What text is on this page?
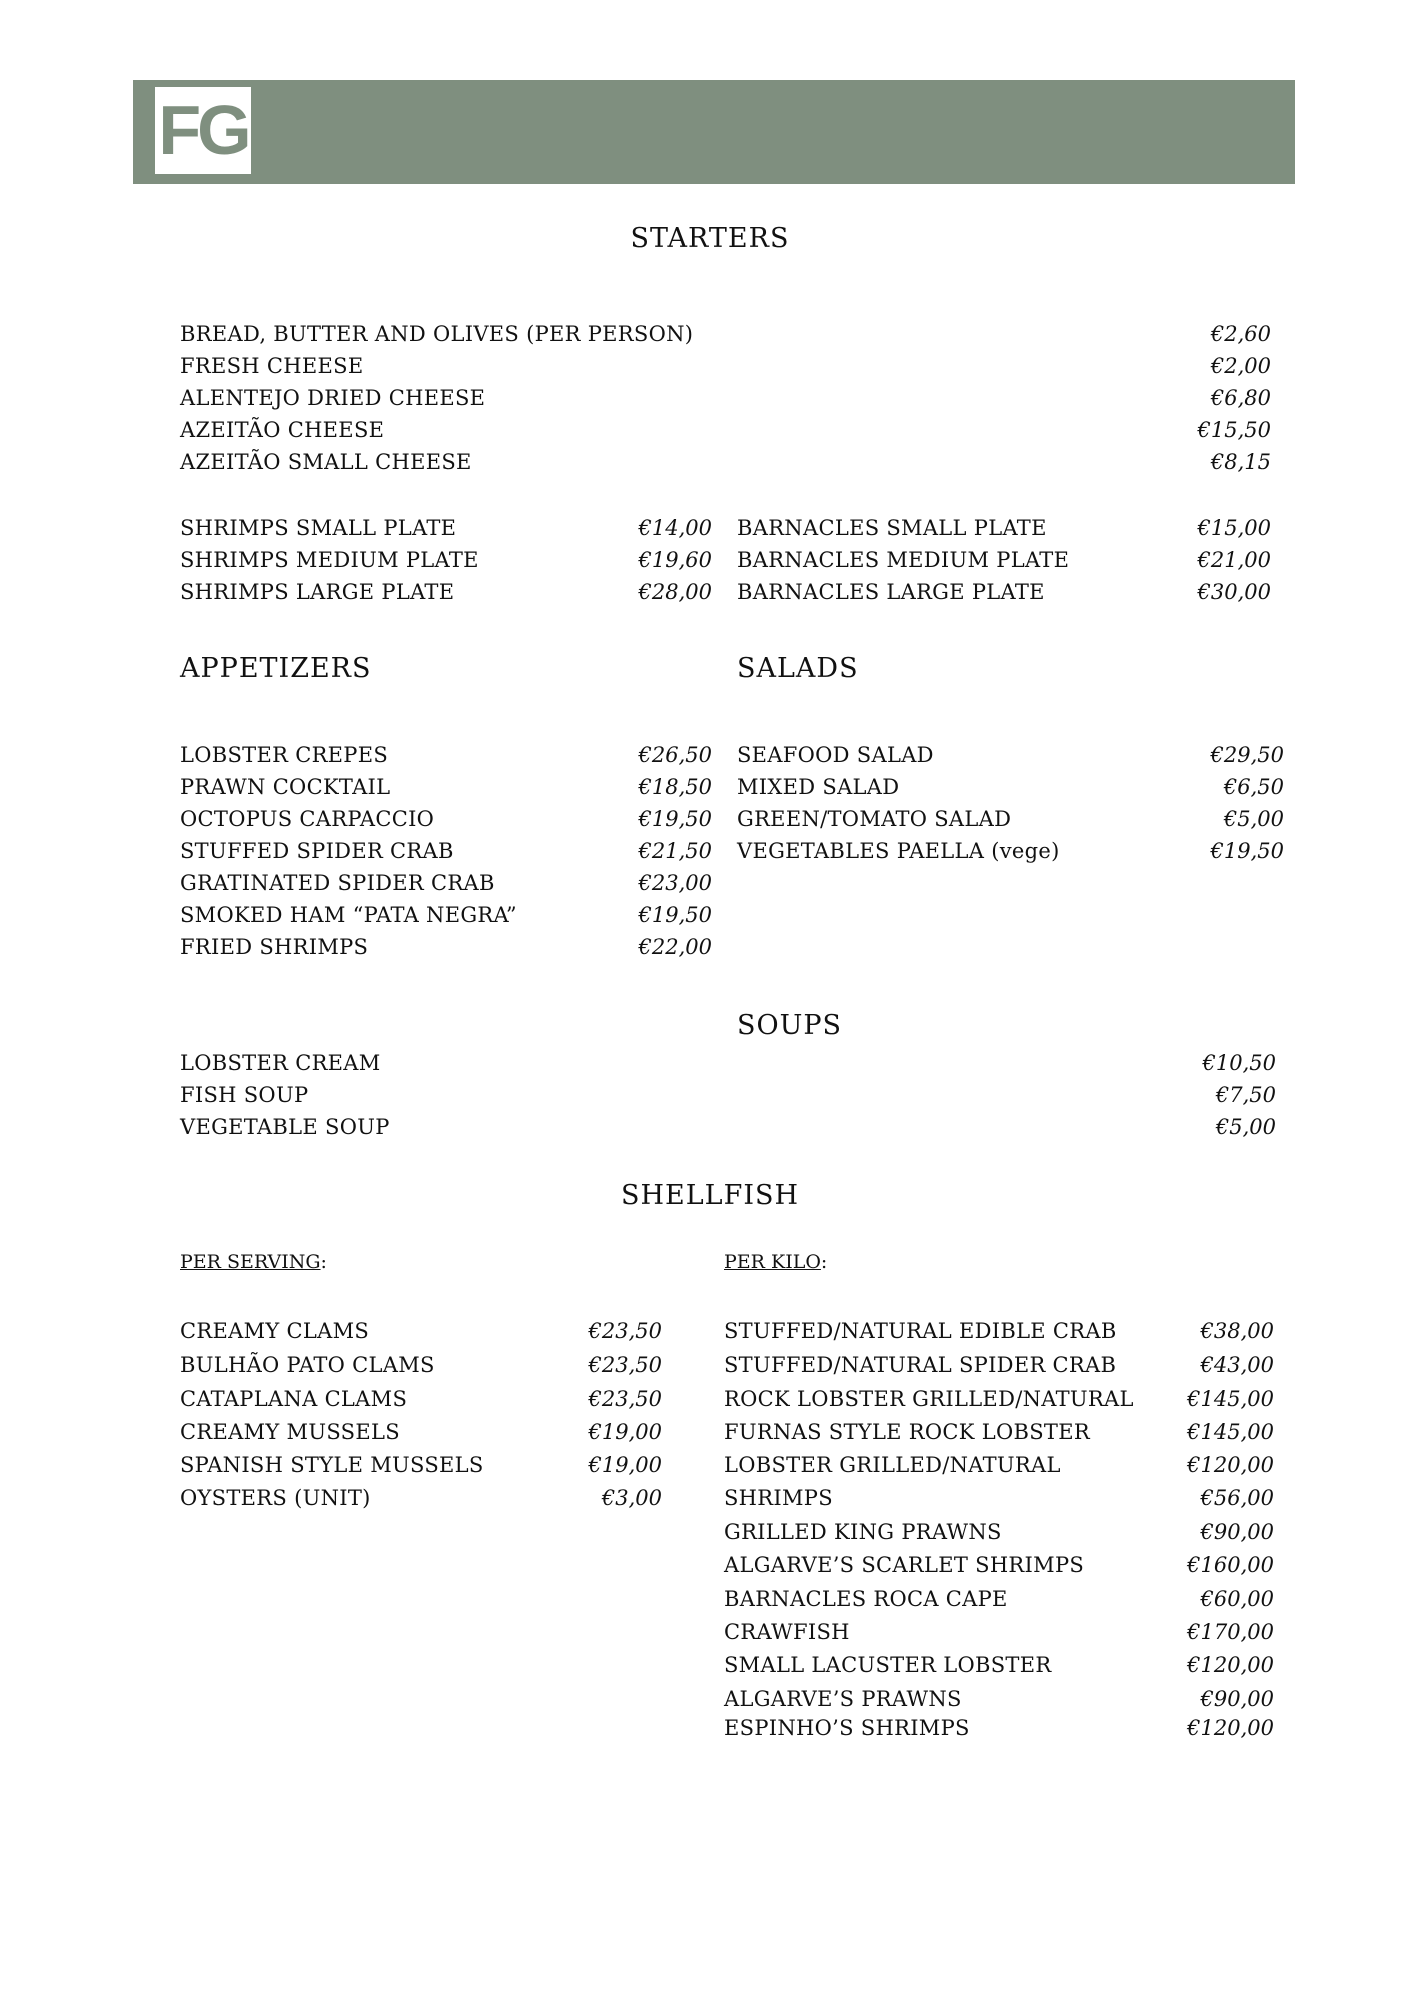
FG
STARTERS
APPETIZERS	SALADS
SOUPS
SHELLFISH
BREAD, BUTTER AND OLIVES (PER PERSON)	€2,60
FRESH CHEESE	€2,00
ALENTEJO DRIED CHEESE	€6,80
AZEITÃO CHEESE	€15,50
AZEITÃO SMALL CHEESE	€8,15
SHRIMPS SMALL PLATE	€14,00
SHRIMPS MEDIUM PLATE	€19,60
SHRIMPS LARGE PLATE	€28,00
BARNACLES SMALL PLATE	€15,00
BARNACLES MEDIUM PLATE	€21,00
BARNACLES LARGE PLATE	€30,00
LOBSTER CREPES	€26,50
PRAWN COCKTAIL	€18,50
OCTOPUS CARPACCIO	€19,50
STUFFED SPIDER CRAB	€21,50
GRATINATED SPIDER CRAB	€23,00
SMOKED HAM “PATA NEGRA”	€19,50
FRIED SHRIMPS	€22,00
SEAFOOD SALAD	€29,50
MIXED SALAD	€6,50
GREEN/TOMATO SALAD	€5,00
VEGETABLES PAELLA (vege)	€19,50
LOBSTER CREAM	€10,50
FISH SOUP	€7,50
VEGETABLE SOUP	€5,00
PER SERVING:	PER KILO:
CREAMY CLAMS	€23,50
BULHÃO PATO CLAMS	€23,50
CATAPLANA CLAMS	€23,50
CREAMY MUSSELS	€19,00
SPANISH STYLE MUSSELS	€19,00
OYSTERS (UNIT)	€3,00
STUFFED/NATURAL EDIBLE CRAB	€38,00
STUFFED/NATURAL SPIDER CRAB	€43,00
ROCK LOBSTER GRILLED/NATURAL	€145,00
FURNAS STYLE ROCK LOBSTER	€145,00
LOBSTER GRILLED/NATURAL	€120,00
SHRIMPS	€56,00
GRILLED KING PRAWNS	€90,00
ALGARVE’S SCARLET SHRIMPS	€160,00
BARNACLES ROCA CAPE	€60,00
CRAWFISH	€170,00
SMALL LACUSTER LOBSTER	€120,00
ALGARVE’S PRAWNS	€90,00
ESPINHO’S SHRIMPS	€120,00
